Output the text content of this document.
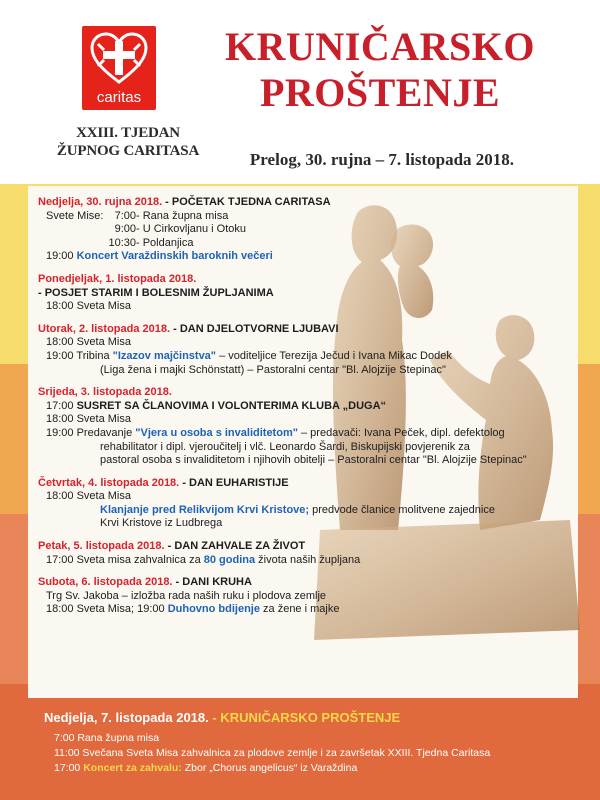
caritas
XXIII. TJEDAN
ŽUPNOG CARITASA
KRUNIČARSKO
PROŠTENJE
Prelog, 30. rujna – 7. listopada 2018.
Nedjelja, 30. rujna 2018. - POČETAK TJEDNA CARITASA
Svete Mise:	7:00 - Rana župna misa
9:00 - U Cirkovljanu i Otoku
10:30 - Poldanjica
19:00 Koncert Varaždinskih baroknih večeri
Ponedjeljak, 1. listopada 2018.
- POSJET STARIM I BOLESNIM ŽUPLJANIMA
18:00 Sveta Misa
Utorak, 2. listopada 2018. - DAN DJELOTVORNE LJUBAVI
18:00 Sveta Misa
19:00 Tribina "Izazov majčinstva" – voditeljice Terezija Ječud i Ivana Mikac Dodek
(Liga žena i majki Schönstatt) – Pastoralni centar "Bl. Alojzije Stepinac"
Srijeda, 3. listopada 2018.
17:00 SUSRET SA ČLANOVIMA I VOLONTERIMA KLUBA „DUGA“
18:00 Sveta Misa
19:00 Predavanje "Vjera u osoba s invaliditetom" – predavači: Ivana Peček, dipl. defektolog
rehabilitator i dipl. vjeroučitelj i vlč. Leonardo Šardi, Biskupijski povjerenik za
pastoral osoba s invaliditetom i njihovih obitelji – Pastoralni centar "Bl. Alojzije Stepinac"
Četvrtak, 4. listopada 2018. - DAN EUHARISTIJE
18:00 Sveta Misa
Klanjanje pred Relikvijom Krvi Kristove; predvode članice molitvene zajednice
Krvi Kristove iz Ludbrega
Petak, 5. listopada 2018. - DAN ZAHVALE ZA ŽIVOT
17:00 Sveta misa zahvalnica za 80 godina života naših župljana
Subota, 6. listopada 2018. - DANI KRUHA
Trg Sv. Jakoba – izložba rada naših ruku i plodova zemlje
18:00 Sveta Misa; 19:00 Duhovno bdijenje za žene i majke
Nedjelja, 7. listopada 2018. - KRUNIČARSKO PROŠTENJE
7:00 Rana župna misa
11:00 Svečana Sveta Misa zahvalnica za plodove zemlje i za završetak XXIII. Tjedna Caritasa
17:00 Koncert za zahvalu: Zbor „Chorus angelicus“ iz Varaždina
